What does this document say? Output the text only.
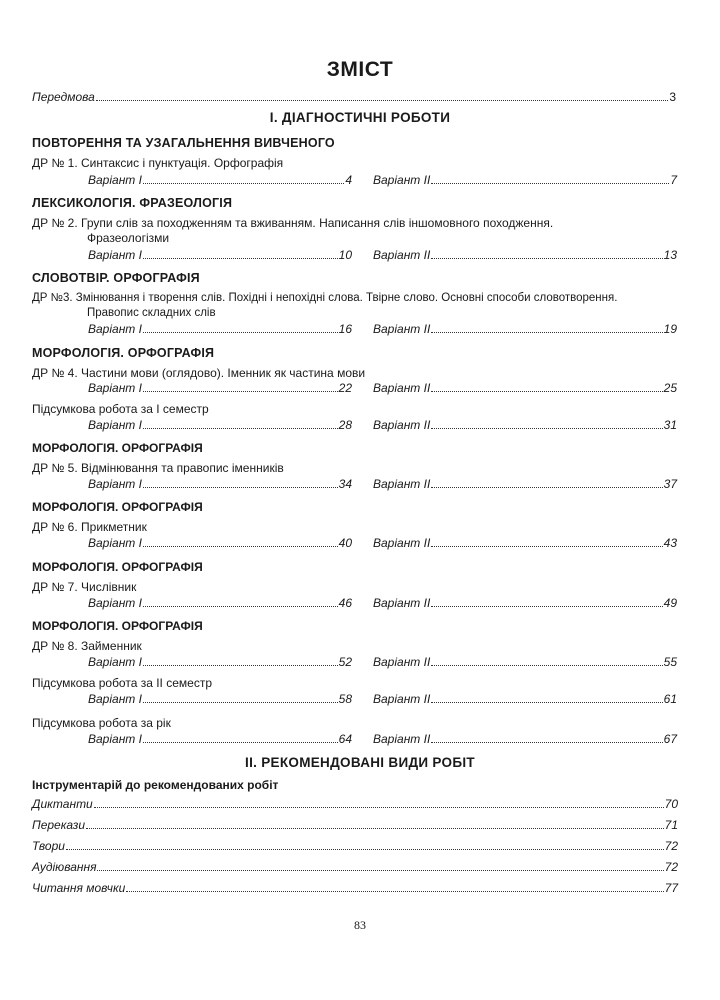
ЗМІСТ
Передмова	3
I. ДІАГНОСТИЧНІ РОБОТИ
ПОВТОРЕННЯ ТА УЗАГАЛЬНЕННЯ ВИВЧЕНОГО
ДР № 1. Синтаксис і пунктуація. Орфографія
Варіант I	4 Варіант II	7
ЛЕКСИКОЛОГІЯ. ФРАЗЕОЛОГІЯ
ДР № 2. Групи слів за походженням та вживанням. Написання слів іншомовного походження.
Фразеологізми
Варіант I	10 Варіант II	13
СЛОВОТВІР. ОРФОГРАФІЯ
ДР №3. Змінювання і творення слів. Похідні і непохідні слова. Твірне слово. Основні способи словотворення.
Правопис складних слів
Варіант I	16 Варіант II	19
МОРФОЛОГІЯ. ОРФОГРАФІЯ
ДР № 4. Частини мови (оглядово). Іменник як частина мови
Варіант I	22 Варіант II	25
Підсумкова робота за I семестр
Варіант I	28 Варіант II	31
МОРФОЛОГІЯ. ОРФОГРАФІЯ
ДР № 5. Відмінювання та правопис іменників
Варіант I	34 Варіант II	37
МОРФОЛОГІЯ. ОРФОГРАФІЯ
ДР № 6. Прикметник
Варіант I	40 Варіант II	43
МОРФОЛОГІЯ. ОРФОГРАФІЯ
ДР № 7. Числівник
Варіант I	46 Варіант II	49
МОРФОЛОГІЯ. ОРФОГРАФІЯ
ДР № 8. Займенник
Варіант I	52 Варіант II	55
Підсумкова робота за II семестр
Варіант I	58 Варіант II	61
Підсумкова робота за рік
Варіант I	64 Варіант II	67
II. РЕКОМЕНДОВАНІ ВИДИ РОБІТ
Інструментарій до рекомендованих робіт
Диктанти	70
Перекази	71
Твори	72
Аудіювання	72
Читання мовчки	77
83
